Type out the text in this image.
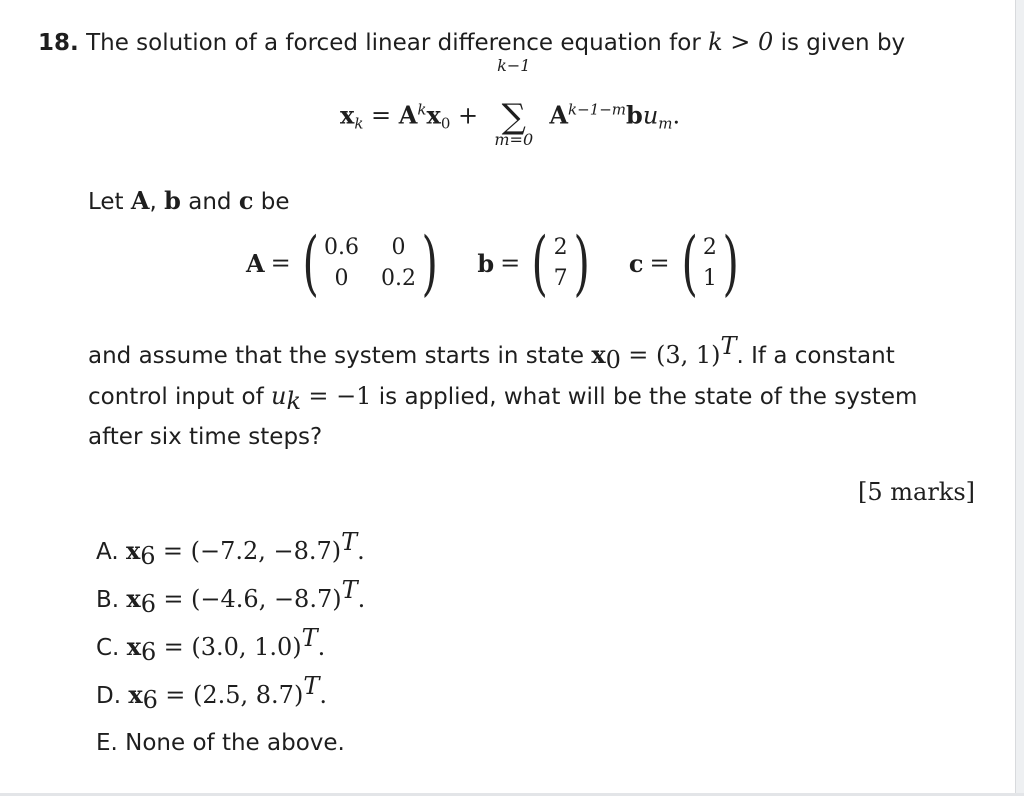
18. The solution of a forced linear difference equation for k > 0 is given by
$x_k = A^kx_0$ +
k−1
∑
m=0
$A^{k-1-m}bu_m$.
Let A, b and c be
A = ( 0.6	0
0	0.2 ) b = ( 2
7 ) c = ( 2
1 )
and assume that the system starts in state $x_0 = (3$, 1)$^T$. If a constant
control input of $u_k = -1$ is applied, what will be the state of the system
after six time steps?
[5 marks]
A. $x_6 = (-7.2$, −8.7)$^T$.
B. $x_6 = (-4.6$, −8.7)$^T$.
C. $x_6 = (3.0$, 1.0)$^T$.
D. $x_6 = (2.5$, 8.7)$^T$.
E. None of the above.
